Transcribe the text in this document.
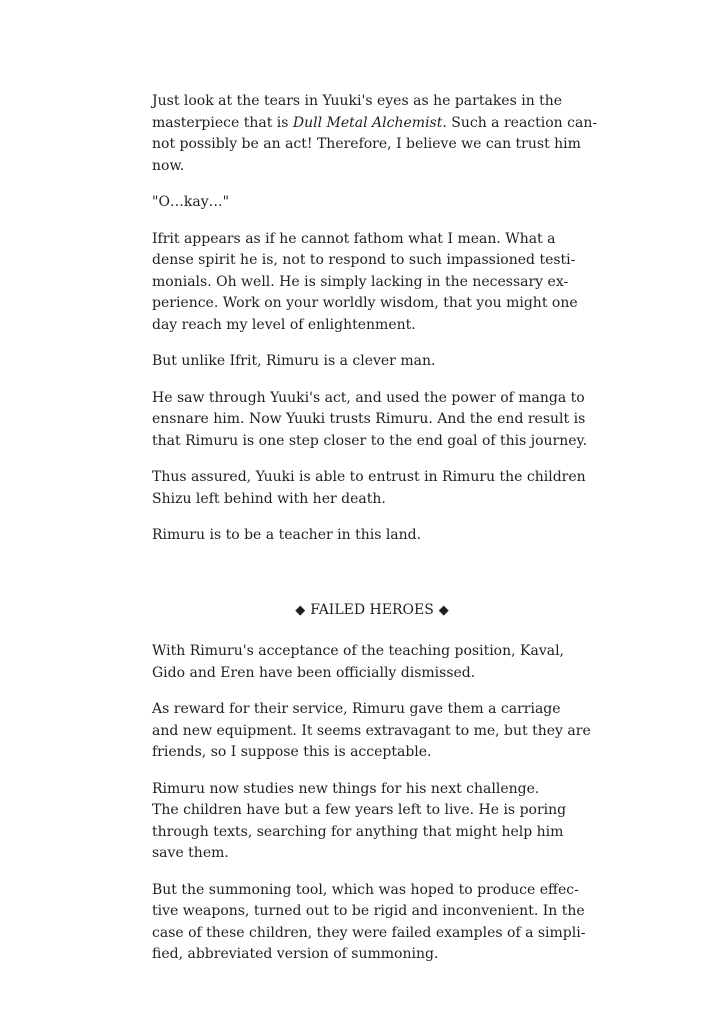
Just look at the tears in Yuuki's eyes as he partakes in the
masterpiece that is Dull Metal Alchemist. Such a reaction can-
not possibly be an act! Therefore, I believe we can trust him
now.
"O…kay…"
Ifrit appears as if he cannot fathom what I mean. What a
dense spirit he is, not to respond to such impassioned testi-
monials. Oh well. He is simply lacking in the necessary ex-
perience. Work on your worldly wisdom, that you might one
day reach my level of enlightenment.
But unlike Ifrit, Rimuru is a clever man.
He saw through Yuuki's act, and used the power of manga to
ensnare him. Now Yuuki trusts Rimuru. And the end result is
that Rimuru is one step closer to the end goal of this journey.
Thus assured, Yuuki is able to entrust in Rimuru the children
Shizu left behind with her death.
Rimuru is to be a teacher in this land.
◆ FAILED HEROES ◆
With Rimuru's acceptance of the teaching position, Kaval,
Gido and Eren have been officially dismissed.
As reward for their service, Rimuru gave them a carriage
and new equipment. It seems extravagant to me, but they are
friends, so I suppose this is acceptable.
Rimuru now studies new things for his next challenge.
The children have but a few years left to live. He is poring
through texts, searching for anything that might help him
save them.
But the summoning tool, which was hoped to produce effec-
tive weapons, turned out to be rigid and inconvenient. In the
case of these children, they were failed examples of a simpli-
fied, abbreviated version of summoning.
